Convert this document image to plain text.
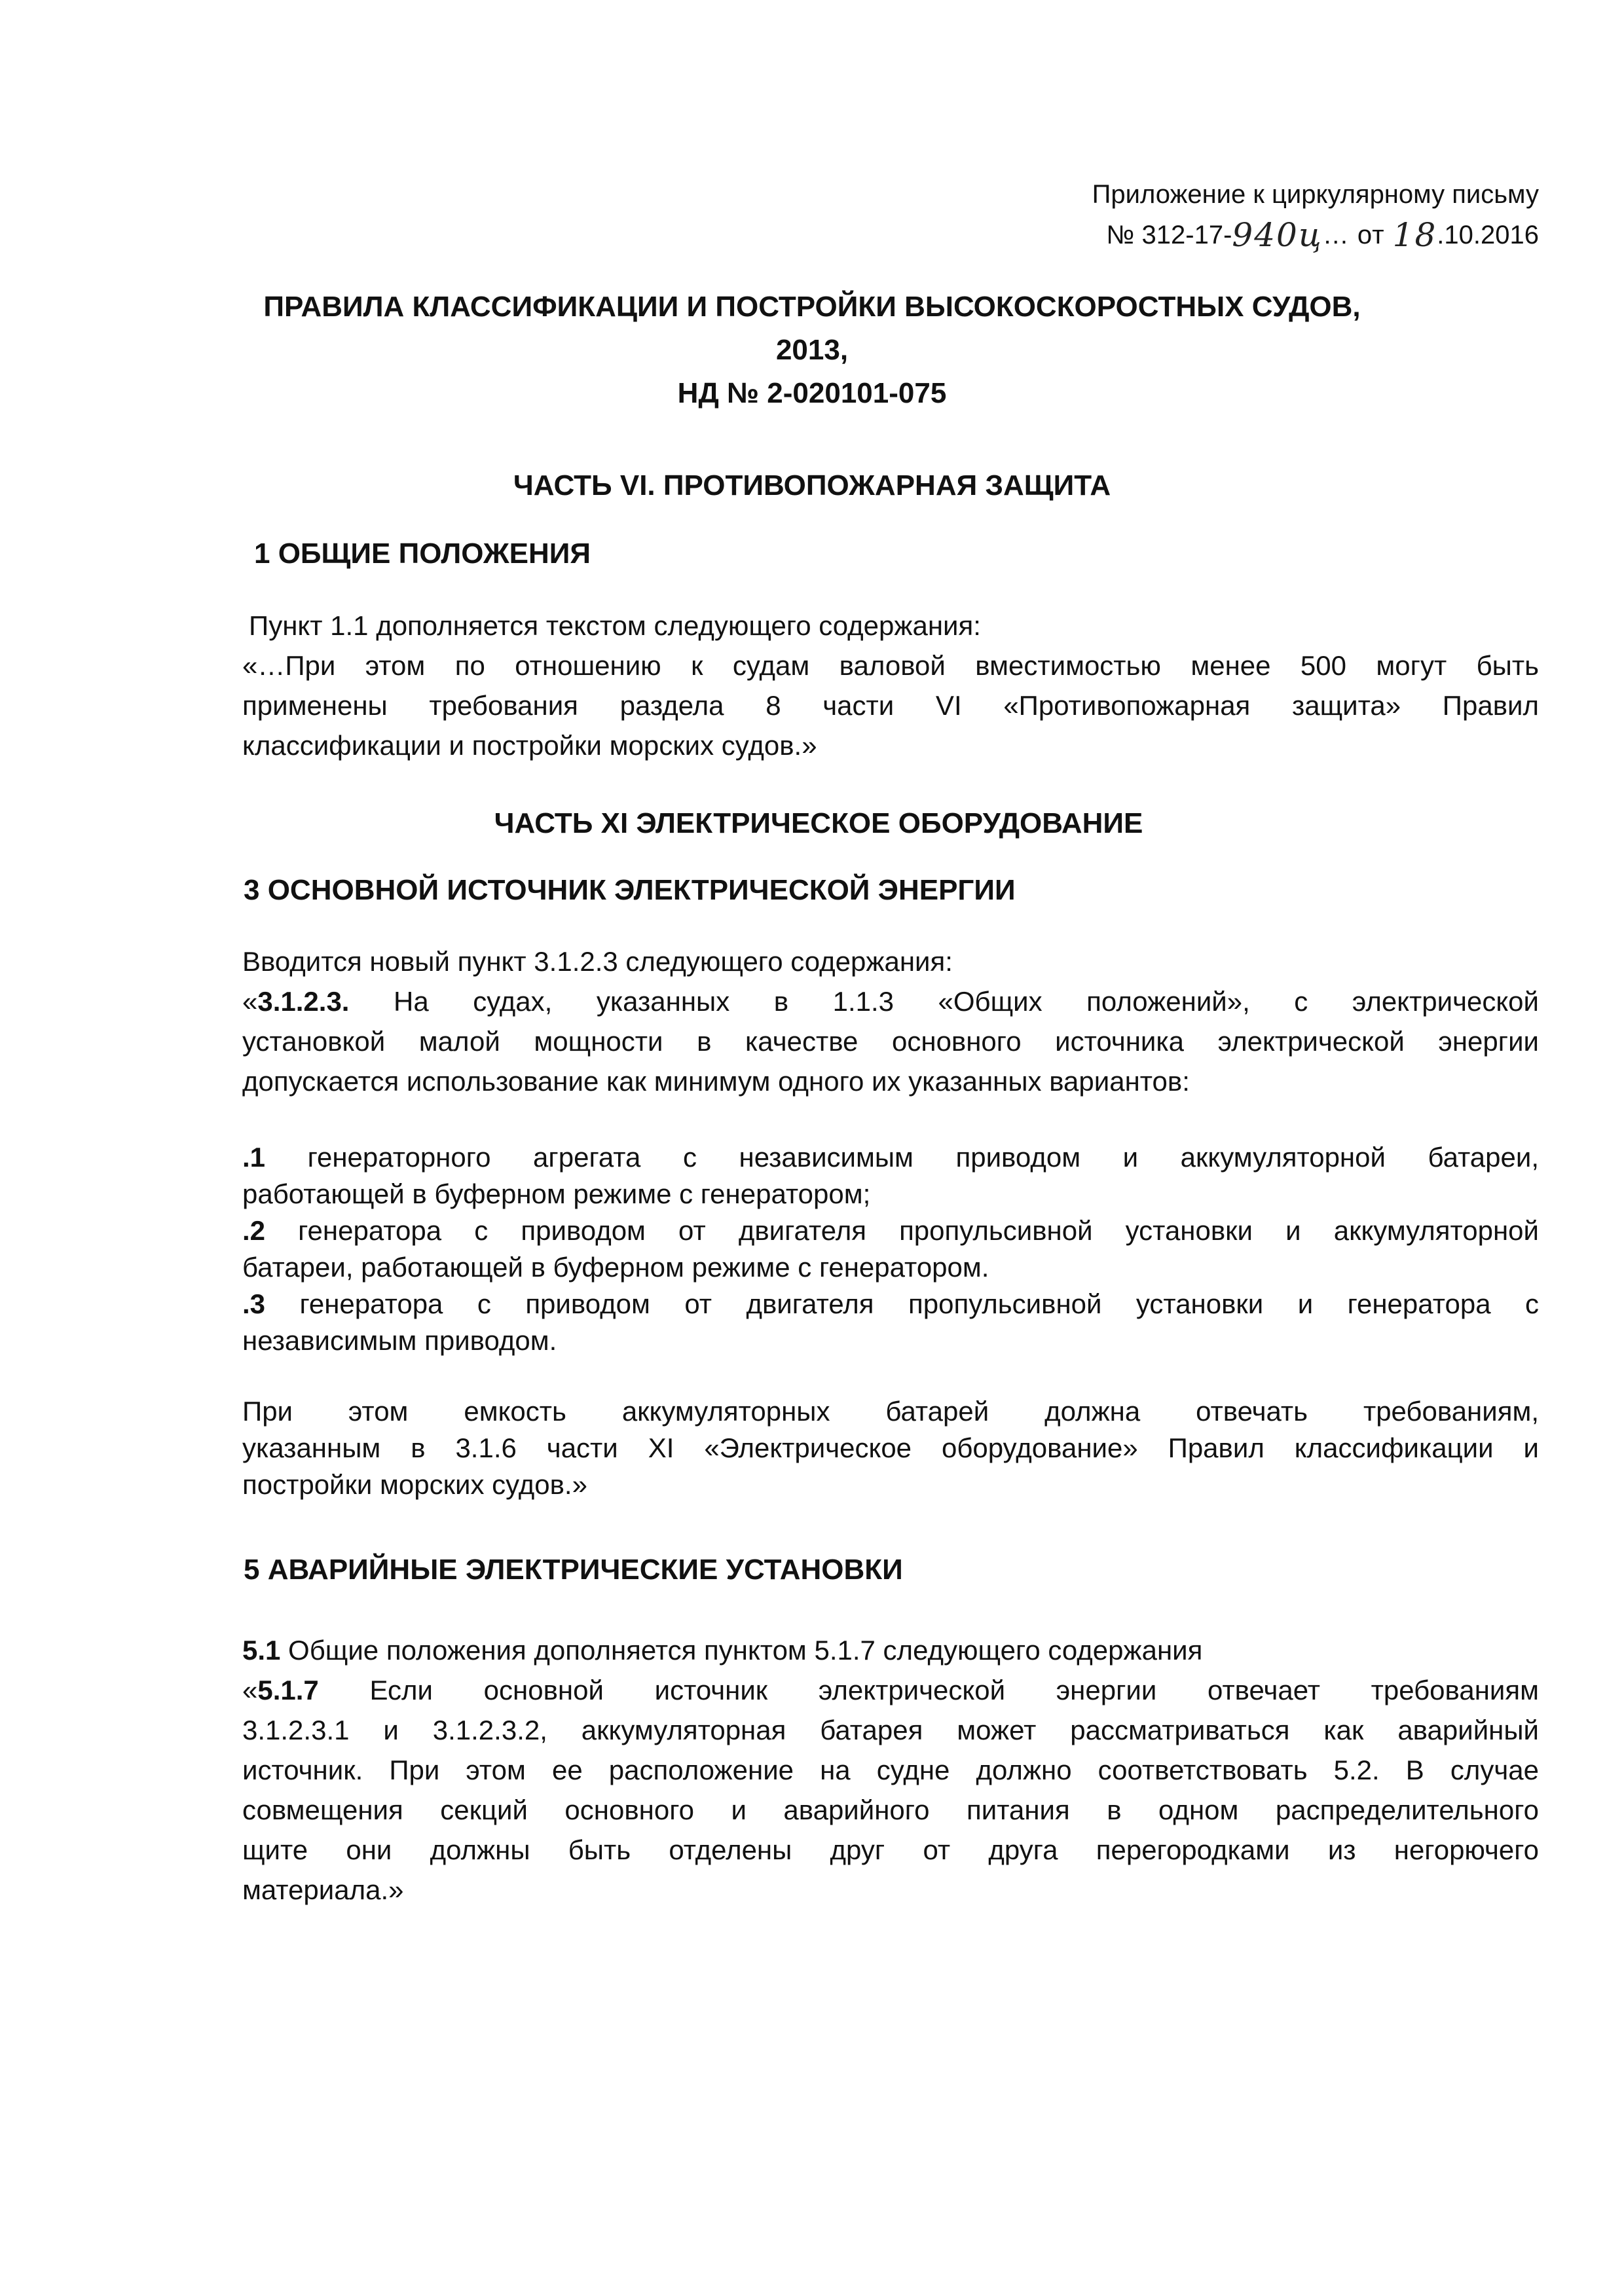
Приложение к циркулярному письму
№ 312-17-940ц… от 18.10.2016
ПРАВИЛА КЛАССИФИКАЦИИ И ПОСТРОЙКИ ВЫСОКОСКОРОСТНЫХ СУДОВ,
2013,
НД № 2-020101-075
ЧАСТЬ VI. ПРОТИВОПОЖАРНАЯ ЗАЩИТА
1 ОБЩИЕ ПОЛОЖЕНИЯ
Пункт 1.1 дополняется текстом следующего содержания:
«…При этом по отношению к судам валовой вместимостью менее 500 могут быть
применены требования раздела 8 части VI «Противопожарная защита» Правил
классификации и постройки морских судов.»
ЧАСТЬ XI ЭЛЕКТРИЧЕСКОЕ ОБОРУДОВАНИЕ
3 ОСНОВНОЙ ИСТОЧНИК ЭЛЕКТРИЧЕСКОЙ ЭНЕРГИИ
Вводится новый пункт 3.1.2.3 следующего содержания:
«3.1.2.3. На судах, указанных в 1.1.3 «Общих положений», с электрической
установкой малой мощности в качестве основного источника электрической энергии
допускается использование как минимум одного их указанных вариантов:
.1 генераторного агрегата с независимым приводом и аккумуляторной батареи,
работающей в буферном режиме с генератором;
.2 генератора с приводом от двигателя пропульсивной установки и аккумуляторной
батареи, работающей в буферном режиме с генератором.
.3 генератора с приводом от двигателя пропульсивной установки и генератора с
независимым приводом.
При этом емкость аккумуляторных батарей должна отвечать требованиям,
указанным в 3.1.6 части XI «Электрическое оборудование» Правил классификации и
постройки морских судов.»
5 АВАРИЙНЫЕ ЭЛЕКТРИЧЕСКИЕ УСТАНОВКИ
5.1 Общие положения дополняется пунктом 5.1.7 следующего содержания
«5.1.7 Если основной источник электрической энергии отвечает требованиям
3.1.2.3.1 и 3.1.2.3.2, аккумуляторная батарея может рассматриваться как аварийный
источник. При этом ее расположение на судне должно соответствовать 5.2. В случае
совмещения секций основного и аварийного питания в одном распределительного
щите они должны быть отделены друг от друга перегородками из негорючего
материала.»
